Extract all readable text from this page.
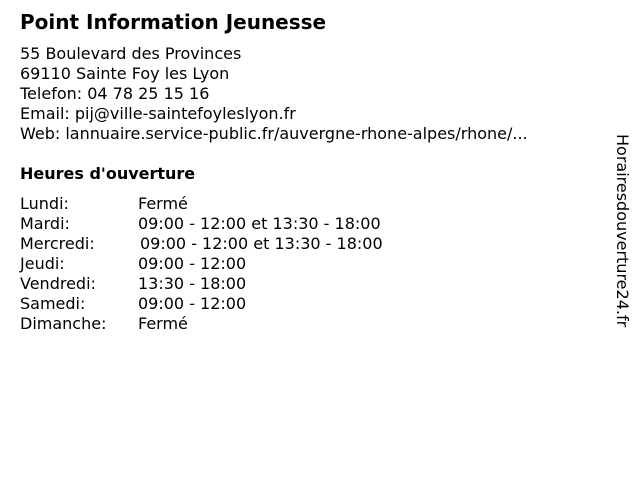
Point Information Jeunesse
55 Boulevard des Provinces
69110 Sainte Foy les Lyon
Telefon: 04 78 25 15 16
Email: pij@ville-saintefoyleslyon.fr
Web: lannuaire.service-public.fr/auvergne-rhone-alpes/rhone/...
Heures d'ouverture
Lundi:	Fermé
Mardi:	09:00 - 12:00 et 13:30 - 18:00
Mercredi:	09:00 - 12:00 et 13:30 - 18:00
Jeudi:	09:00 - 12:00
Vendredi:	13:30 - 18:00
Samedi:	09:00 - 12:00
Dimanche:	Fermé	Horairesdouverture24.fr
